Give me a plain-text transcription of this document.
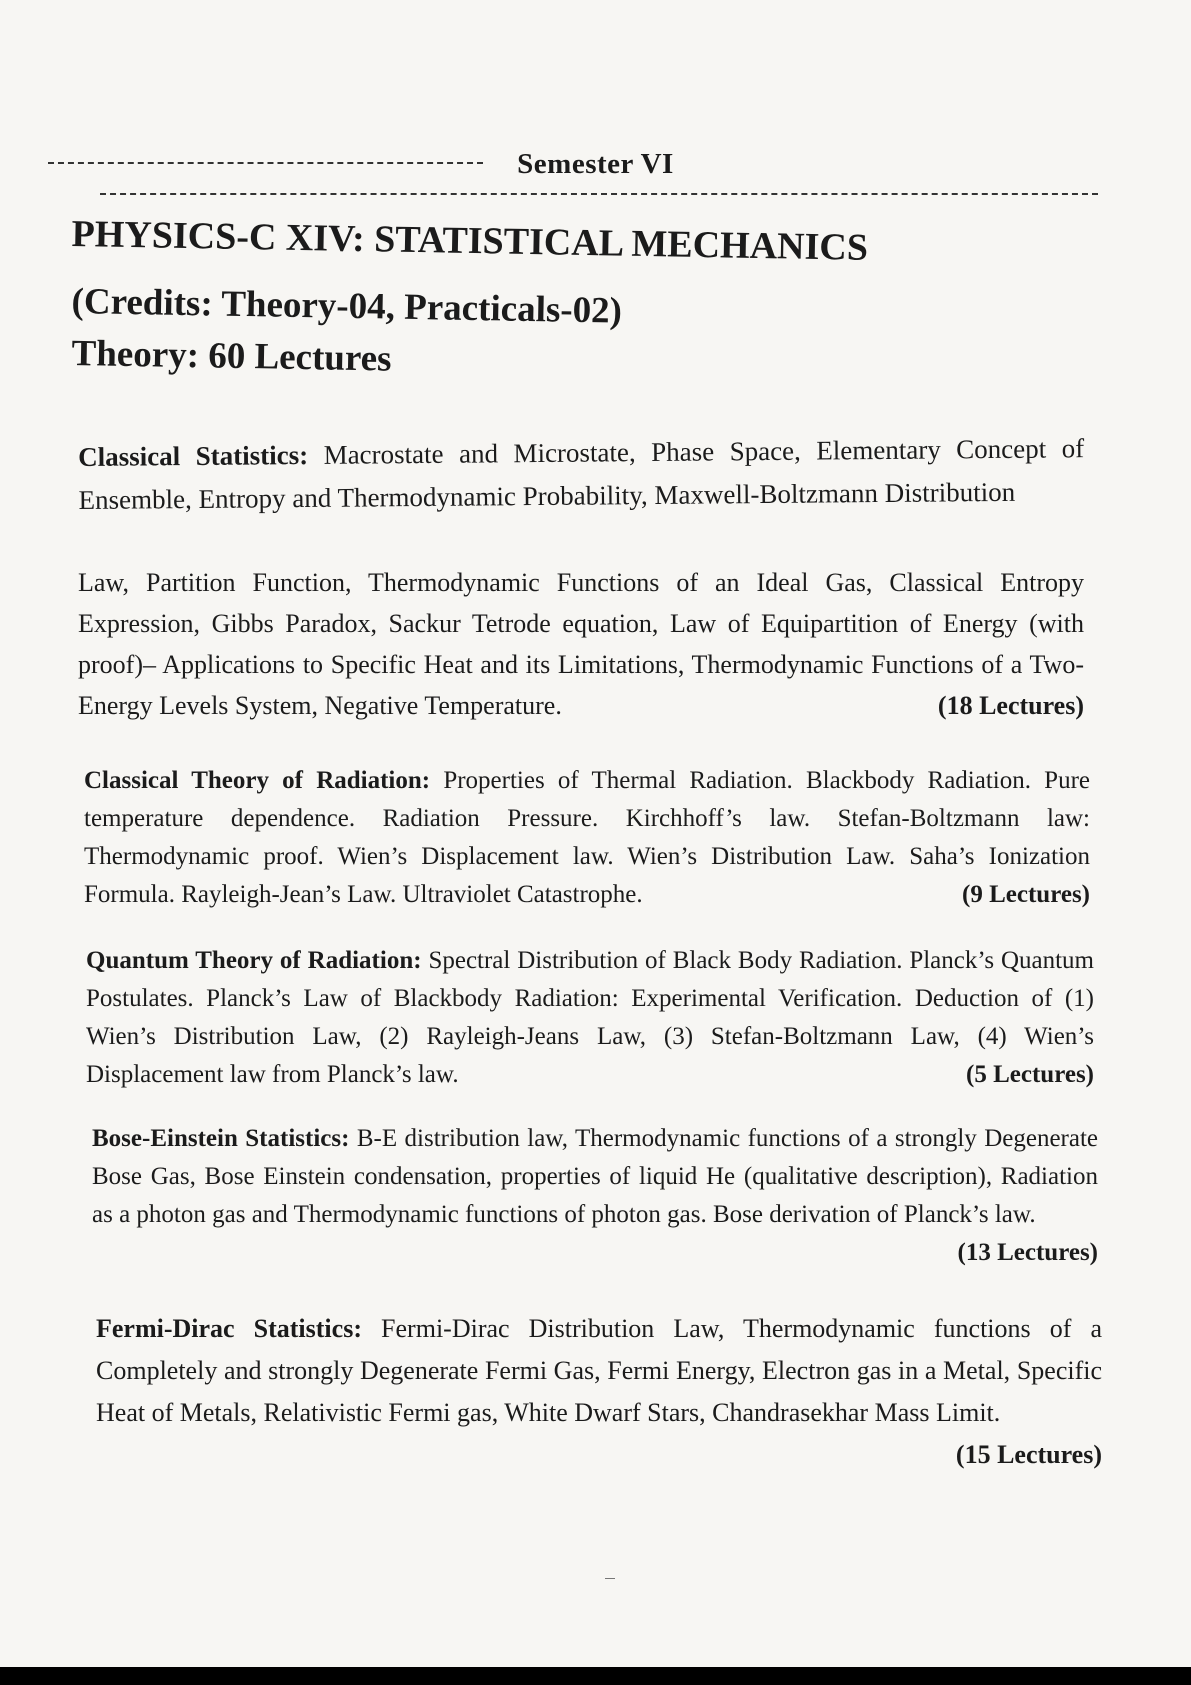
Semester VI
PHYSICS-C XIV: STATISTICAL MECHANICS
(Credits: Theory-04, Practicals-02)
Theory: 60 Lectures
Classical Statistics: Macrostate and Microstate, Phase Space, Elementary Concept of Ensemble, Entropy and Thermodynamic Probability, Maxwell-Boltzmann Distribution
Law, Partition Function, Thermodynamic Functions of an Ideal Gas, Classical Entropy Expression, Gibbs Paradox, Sackur Tetrode equation, Law of Equipartition of Energy (with proof)– Applications to Specific Heat and its Limitations, Thermodynamic Functions of a Two-Energy Levels System, Negative Temperature.	(18 Lectures)
Classical Theory of Radiation: Properties of Thermal Radiation. Blackbody Radiation. Pure temperature dependence. Radiation Pressure. Kirchhoff’s law. Stefan-Boltzmann law: Thermodynamic proof. Wien’s Displacement law. Wien’s Distribution Law. Saha’s Ionization Formula. Rayleigh-Jean’s Law. Ultraviolet Catastrophe.	(9 Lectures)
Quantum Theory of Radiation: Spectral Distribution of Black Body Radiation. Planck’s Quantum Postulates. Planck’s Law of Blackbody Radiation: Experimental Verification. Deduction of (1) Wien’s Distribution Law, (2) Rayleigh-Jeans Law, (3) Stefan-Boltzmann Law, (4) Wien’s Displacement law from Planck’s law.	(5 Lectures)
Bose-Einstein Statistics: B-E distribution law, Thermodynamic functions of a strongly Degenerate Bose Gas, Bose Einstein condensation, properties of liquid He (qualitative description), Radiation as a photon gas and Thermodynamic functions of photon gas. Bose derivation of Planck’s law.
(13 Lectures)
Fermi-Dirac Statistics: Fermi-Dirac Distribution Law, Thermodynamic functions of a Completely and strongly Degenerate Fermi Gas, Fermi Energy, Electron gas in a Metal, Specific Heat of Metals, Relativistic Fermi gas, White Dwarf Stars, Chandrasekhar Mass Limit.
(15 Lectures)
